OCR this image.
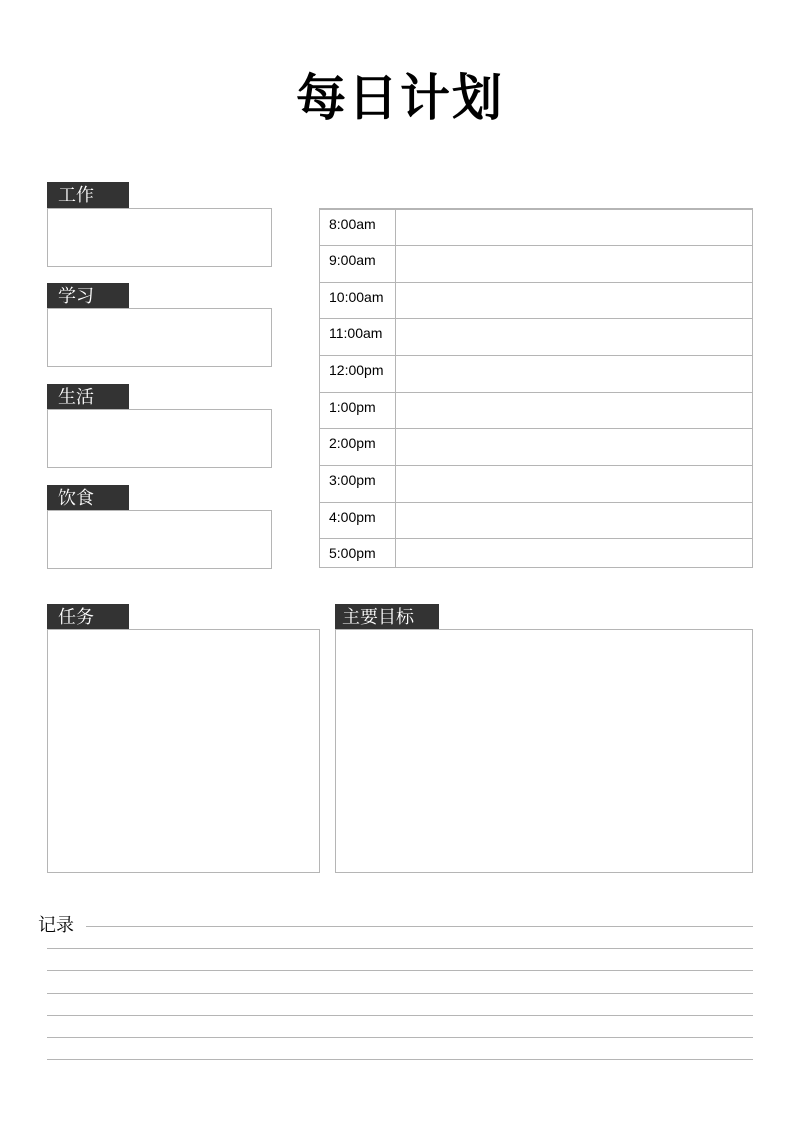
每日计划
工作
学习
生活
饮食
8:00am
9:00am
10:00am
11:00am
12:00pm
1:00pm
2:00pm
3:00pm
4:00pm
5:00pm
任务	主要目标
记录
